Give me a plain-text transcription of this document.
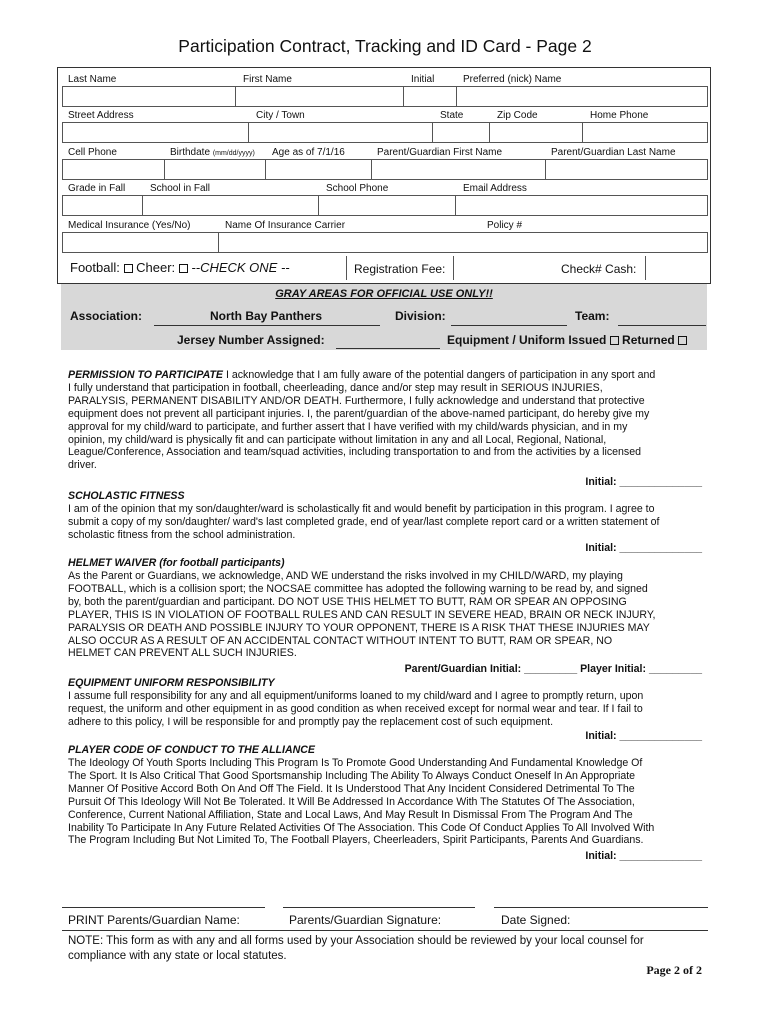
Participation Contract, Tracking and ID Card - Page 2
Last Name	First Name	Initial	Preferred (nick) Name
Street Address	City / Town	State	Zip Code	Home Phone
Cell Phone	Birthdate (mm/dd/yyyy) Age as of 7/1/16	Parent/Guardian First Name	Parent/Guardian Last Name
Grade in Fall School in Fall	School Phone	Email Address
Medical Insurance (Yes/No)	Name Of Insurance Carrier	Policy #
Football: Cheer: --CHECK ONE --	Registration Fee:	Check# Cash:
GRAY AREAS FOR OFFICIAL USE ONLY!!
Association:	North Bay Panthers	Division:	Team:
Jersey Number Assigned:	Equipment / Uniform Issued Returned
PERMISSION TO PARTICIPATE I acknowledge that I am fully aware of the potential dangers of participation in any sport and
I fully understand that participation in football, cheerleading, dance and/or step may result in SERIOUS INJURIES,
PARALYSIS, PERMANENT DISABILITY AND/OR DEATH. Furthermore, I fully acknowledge and understand that protective
equipment does not prevent all participant injuries. I, the parent/guardian of the above-named participant, do hereby give my
approval for my child/ward to participate, and further assert that I have verified with my child/wards physician, and in my
opinion, my child/ward is physically fit and can participate without limitation in any and all Local, Regional, National,
League/Conference, Association and team/squad activities, including transportation to and from the activities by a licensed
driver.
Initial: ______________
SCHOLASTIC FITNESS
I am of the opinion that my son/daughter/ward is scholastically fit and would benefit by participation in this program. I agree to
submit a copy of my son/daughter/ ward's last completed grade, end of year/last complete report card or a written statement of
scholastic fitness from the school administration.
Initial: ______________
HELMET WAIVER (for football participants)
As the Parent or Guardians, we acknowledge, AND WE understand the risks involved in my CHILD/WARD, my playing
FOOTBALL, which is a collision sport; the NOCSAE committee has adopted the following warning to be read by, and signed
by, both the parent/guardian and participant. DO NOT USE THIS HELMET TO BUTT, RAM OR SPEAR AN OPPOSING
PLAYER, THIS IS IN VIOLATION OF FOOTBALL RULES AND CAN RESULT IN SEVERE HEAD, BRAIN OR NECK INJURY,
PARALYSIS OR DEATH AND POSSIBLE INJURY TO YOUR OPPONENT, THERE IS A RISK THAT THESE INJURIES MAY
ALSO OCCUR AS A RESULT OF AN ACCIDENTAL CONTACT WITHOUT INTENT TO BUTT, RAM OR SPEAR, NO
HELMET CAN PREVENT ALL SUCH INJURIES.
Parent/Guardian Initial: _________ Player Initial: _________
EQUIPMENT UNIFORM RESPONSIBILITY
I assume full responsibility for any and all equipment/uniforms loaned to my child/ward and I agree to promptly return, upon
request, the uniform and other equipment in as good condition as when received except for normal wear and tear. If I fail to
adhere to this policy, I will be responsible for and promptly pay the replacement cost of such equipment.
Initial: ______________
PLAYER CODE OF CONDUCT TO THE ALLIANCE
The Ideology Of Youth Sports Including This Program Is To Promote Good Understanding And Fundamental Knowledge Of
The Sport. It Is Also Critical That Good Sportsmanship Including The Ability To Always Conduct Oneself In An Appropriate
Manner Of Positive Accord Both On And Off The Field. It Is Understood That Any Incident Considered Detrimental To The
Pursuit Of This Ideology Will Not Be Tolerated. It Will Be Addressed In Accordance With The Statutes Of The Association,
Conference, Current National Affiliation, State and Local Laws, And May Result In Dismissal From The Program And The
Inability To Participate In Any Future Related Activities Of The Association. This Code Of Conduct Applies To All Involved With
The Program Including But Not Limited To, The Football Players, Cheerleaders, Spirit Participants, Parents And Guardians.
Initial: ______________
PRINT Parents/Guardian Name:	Parents/Guardian Signature:	Date Signed:
NOTE: This form as with any and all forms used by your Association should be reviewed by your local counsel for
compliance with any state or local statutes.
Page 2 of 2
